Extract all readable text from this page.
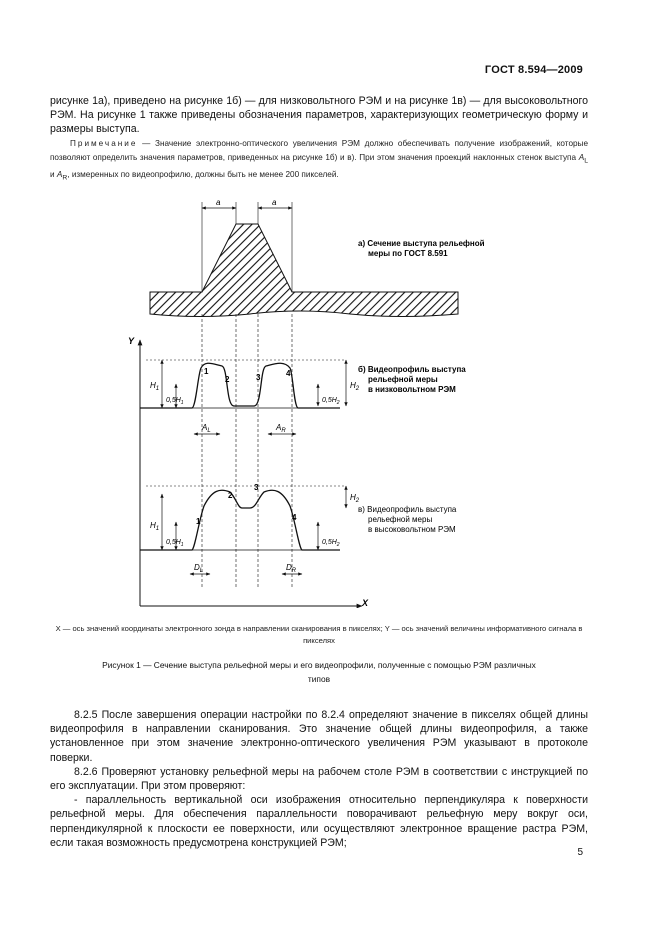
ГОСТ 8.594—2009
рисунке 1а), приведено на рисунке 1б) — для низковольтного РЭМ и на рисунке 1в) — для высоковольтного РЭМ. На рисунке 1 также приведены обозначения параметров, характеризующих геометрическую форму и размеры выступа.
Примечание — Значение электронно-оптического увеличения РЭМ должно обеспечивать получение изображений, которые позволяют определить значения параметров, приведенных на рисунке 1б) и в). При этом значения проекций наклонных стенок выступа $A_L$ и $A_R$, измеренных по видеопрофилю, должны быть не менее 200 пикселей.
a	a
а) Сечение выступа рельефной меры по ГОСТ 8.591
Y
X
$H_1$
$0,5H_1$
$H_2$
$0,5H_2$
1
2	3	4
$A_L$	$A_R$
б) Видеопрофиль выступа рельефной меры в низковольтном РЭМ
$H_1$
$0,5H_1$
$H_2$
$0,5H_2$
1
2
3
4
$D_L$	$D_R$
в) Видеопрофиль выступа рельефной меры в высоковольтном РЭМ
X — ось значений координаты электронного зонда в направлении сканирования в пикселях; Y — ось значений величины информативного сигнала в пикселях
Рисунок 1 — Сечение выступа рельефной меры и его видеопрофили, полученные с помощью РЭМ различных типов

8.2.5 После завершения операции настройки по 8.2.4 определяют значение в пикселях общей длины видеопрофиля в направлении сканирования. Это значение общей длины видеопрофиля, а также установленное при этом значение электронно-оптического увеличения РЭМ указывают в протоколе поверки.

8.2.6 Проверяют установку рельефной меры на рабочем столе РЭМ в соответствии с инструкцией по его эксплуатации. При этом проверяют:

- параллельность вертикальной оси изображения относительно перпендикуляра к поверхности рельефной меры. Для обеспечения параллельности поворачивают рельефную меру вокруг оси, перпендикулярной к плоскости ее поверхности, или осуществляют электронное вращение растра РЭМ, если такая возможность предусмотрена конструкцией РЭМ;

5
